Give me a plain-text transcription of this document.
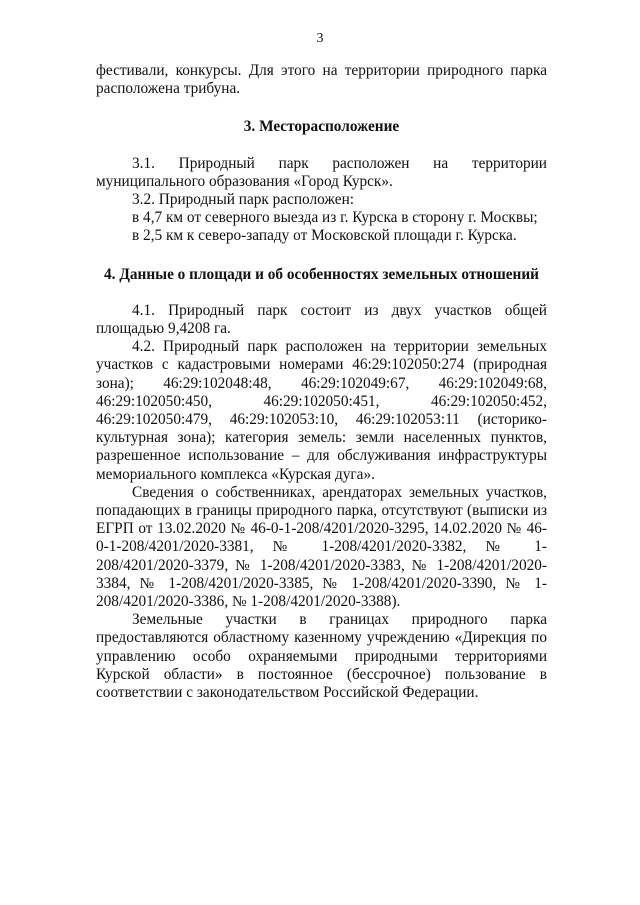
3

фестивали, конкурсы. Для этого на территории природного парка расположена трибуна.

3. Месторасположение

3.1. Природный парк расположен на территории муниципального образования «Город Курск».

3.2. Природный парк расположен:

в 4,7 км от северного выезда из г. Курска в сторону г. Москвы;

в 2,5 км к северо-западу от Московской площади г. Курска.

4. Данные о площади и об особенностях земельных отношений

4.1. Природный парк состоит из двух участков общей площадью 9,4208 га.

4.2. Природный парк расположен на территории земельных участков с кадастровыми номерами 46:29:102050:274 (природная зона); 46:29:102048:48, 46:29:102049:67, 46:29:102049:68, 46:29:102050:450, 46:29:102050:451, 46:29:102050:452, 46:29:102050:479, 46:29:102053:10, 46:29:102053:11 (историко-культурная зона); категория земель: земли населенных пунктов, разрешенное использование – для обслуживания инфраструктуры мемориального комплекса «Курская дуга».

Сведения о собственниках, арендаторах земельных участков, попадающих в границы природного парка, отсутствуют (выписки из ЕГРП от 13.02.2020 № 46-0-1-208/4201/2020-3295, 14.02.2020 № 46-0-1-208/4201/2020-3381, № 1-208/4201/2020-3382, № 1-208/4201/2020-3379, № 1-208/4201/2020-3383, № 1-208/4201/2020-3384, № 1-208/4201/2020-3385, № 1-208/4201/2020-3390, № 1-208/4201/2020-3386, № 1-208/4201/2020-3388).

Земельные участки в границах природного парка предоставляются областному казенному учреждению «Дирекция по управлению особо охраняемыми природными территориями Курской области» в постоянное (бессрочное) пользование в соответствии с законодательством Российской Федерации.
